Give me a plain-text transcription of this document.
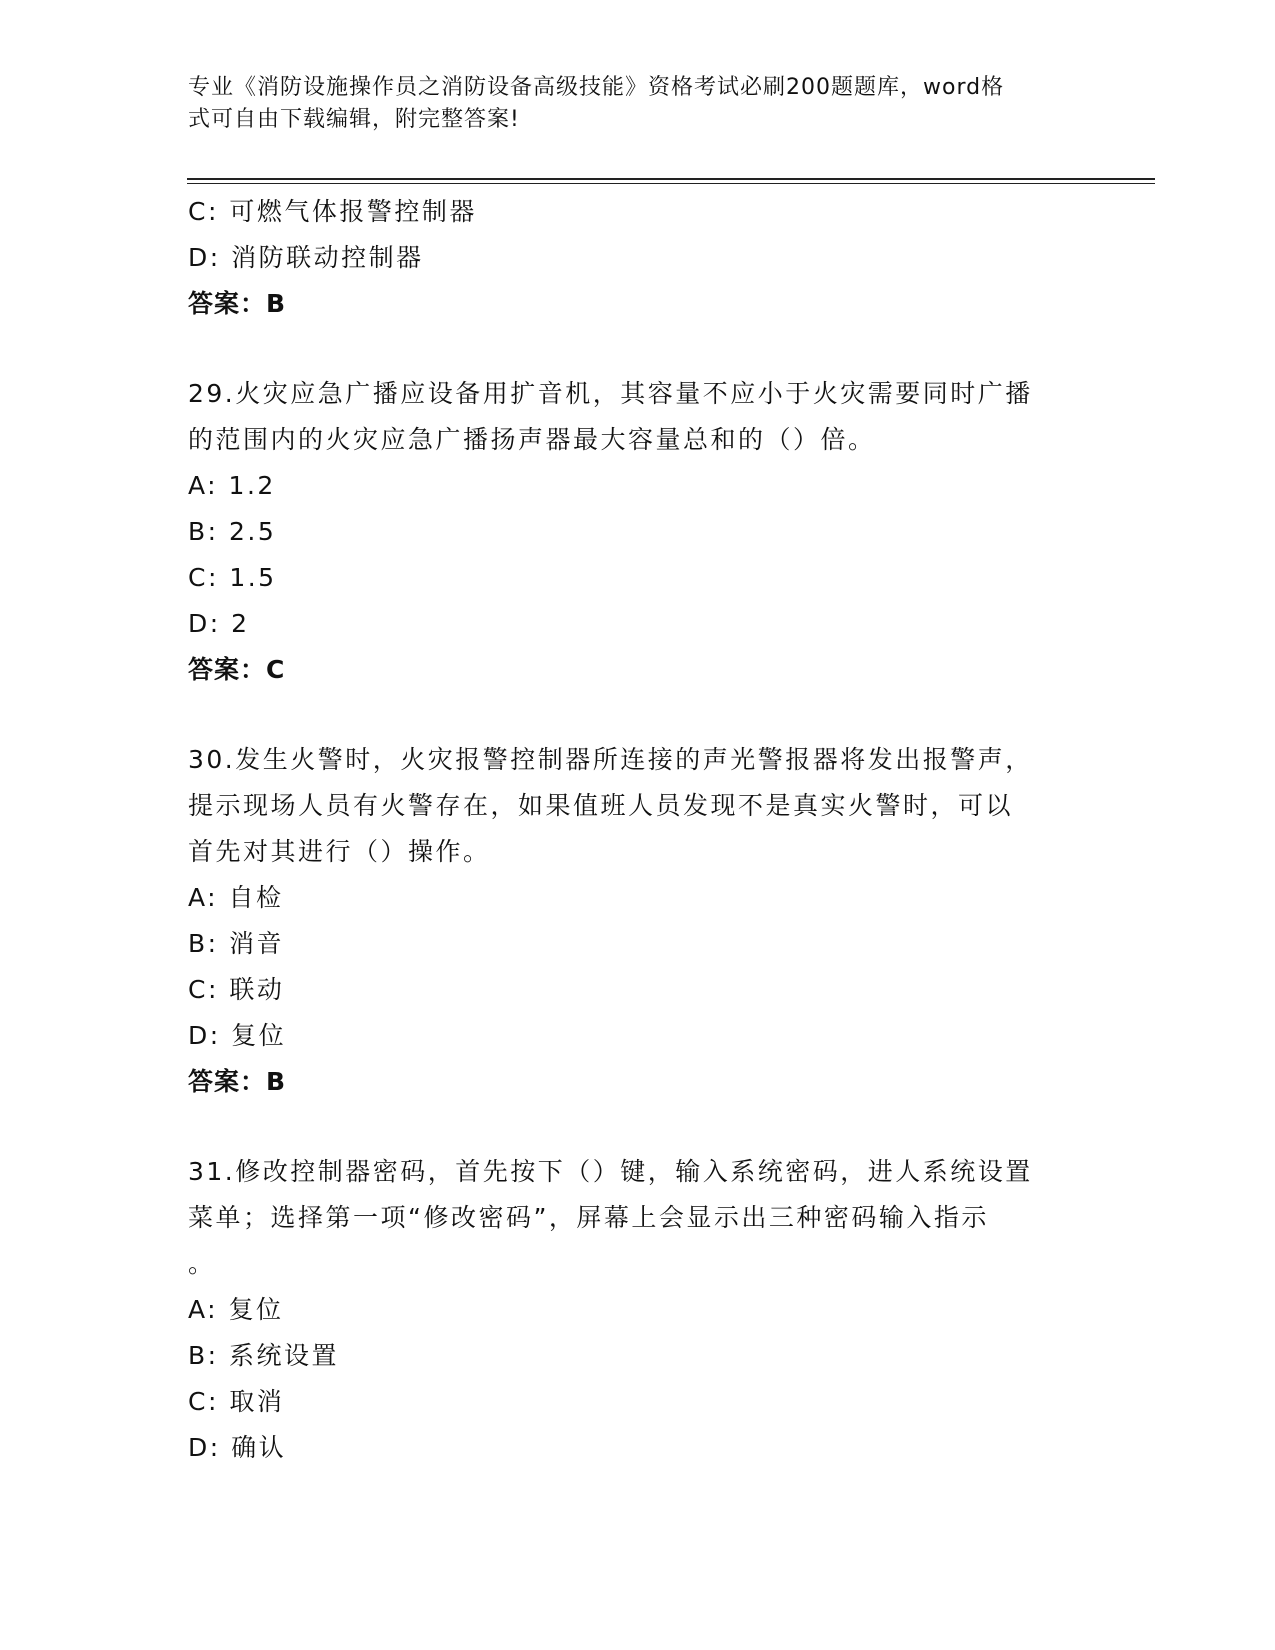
专业《消防设施操作员之消防设备高级技能》资格考试必刷200题题库，word格
式可自由下载编辑，附完整答案!
C: 可燃气体报警控制器
D: 消防联动控制器
答案：B
29.火灾应急广播应设备用扩音机，其容量不应小于火灾需要同时广播
的范围内的火灾应急广播扬声器最大容量总和的（）倍。
A: 1.2
B: 2.5
C: 1.5
D: 2
答案：C
30.发生火警时，火灾报警控制器所连接的声光警报器将发出报警声，
提示现场人员有火警存在，如果值班人员发现不是真实火警时，可以
首先对其进行（）操作。
A: 自检
B: 消音
C: 联动
D: 复位
答案：B
31.修改控制器密码，首先按下（）键，输入系统密码，进人系统设置
菜单；选择第一项“修改密码”，屏幕上会显示出三种密码输入指示
。
A: 复位
B: 系统设置
C: 取消
D: 确认
